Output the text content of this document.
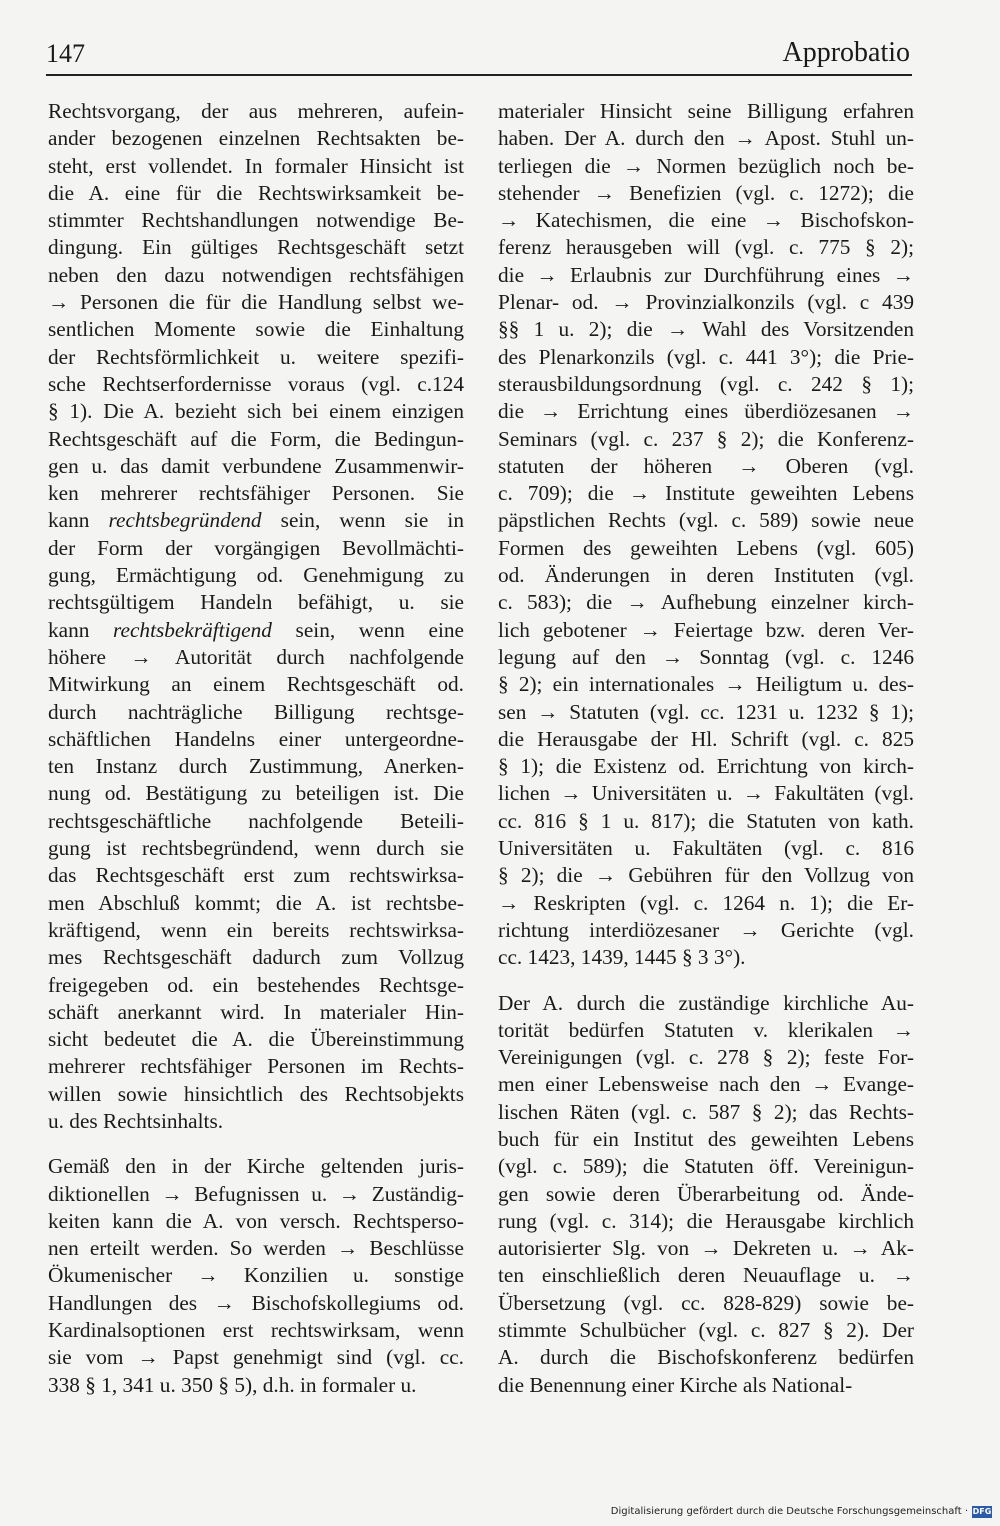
147	Approbatio

Rechtsvorgang, der aus mehreren, aufein-
ander bezogenen einzelnen Rechtsakten be-
steht, erst vollendet. In formaler Hinsicht ist
die A. eine für die Rechtswirksamkeit be-
stimmter Rechtshandlungen notwendige Be-
dingung. Ein gültiges Rechtsgeschäft setzt
neben den dazu notwendigen rechtsfähigen
→ Personen die für die Handlung selbst we-
sentlichen Momente sowie die Einhaltung
der Rechtsförmlichkeit u. weitere spezifi-
sche Rechtserfordernisse voraus (vgl. c.124
§ 1). Die A. bezieht sich bei einem einzigen
Rechtsgeschäft auf die Form, die Bedingun-
gen u. das damit verbundene Zusammenwir-
ken mehrerer rechtsfähiger Personen. Sie
kann rechtsbegründend sein, wenn sie in
der Form der vorgängigen Bevollmächti-
gung, Ermächtigung od. Genehmigung zu
rechtsgültigem Handeln befähigt, u. sie
kann rechtsbekräftigend sein, wenn eine
höhere → Autorität durch nachfolgende
Mitwirkung an einem Rechtsgeschäft od.
durch nachträgliche Billigung rechtsge-
schäftlichen Handelns einer untergeordne-
ten Instanz durch Zustimmung, Anerken-
nung od. Bestätigung zu beteiligen ist. Die
rechtsgeschäftliche nachfolgende Beteili-
gung ist rechtsbegründend, wenn durch sie
das Rechtsgeschäft erst zum rechtswirksa-
men Abschluß kommt; die A. ist rechtsbe-
kräftigend, wenn ein bereits rechtswirksa-
mes Rechtsgeschäft dadurch zum Vollzug
freigegeben od. ein bestehendes Rechtsge-
schäft anerkannt wird. In materialer Hin-
sicht bedeutet die A. die Übereinstimmung
mehrerer rechtsfähiger Personen im Rechts-
willen sowie hinsichtlich des Rechtsobjekts
u. des Rechtsinhalts.

Gemäß den in der Kirche geltenden juris-
diktionellen → Befugnissen u. → Zuständig-
keiten kann die A. von versch. Rechtsperso-
nen erteilt werden. So werden → Beschlüsse
Ökumenischer → Konzilien u. sonstige
Handlungen des → Bischofskollegiums od.
Kardinalsoptionen erst rechtswirksam, wenn
sie vom → Papst genehmigt sind (vgl. cc.
338 § 1, 341 u. 350 § 5), d.h. in formaler u.

materialer Hinsicht seine Billigung erfahren
haben. Der A. durch den → Apost. Stuhl un-
terliegen die → Normen bezüglich noch be-
stehender → Benefizien (vgl. c. 1272); die
→ Katechismen, die eine → Bischofskon-
ferenz herausgeben will (vgl. c. 775 § 2);
die → Erlaubnis zur Durchführung eines →
Plenar- od. → Provinzialkonzils (vgl. c 439
§§ 1 u. 2); die → Wahl des Vorsitzenden
des Plenarkonzils (vgl. c. 441 3°); die Prie-
sterausbildungsordnung (vgl. c. 242 § 1);
die → Errichtung eines überdiözesanen →
Seminars (vgl. c. 237 § 2); die Konferenz-
statuten der höheren → Oberen (vgl.
c. 709); die → Institute geweihten Lebens
päpstlichen Rechts (vgl. c. 589) sowie neue
Formen des geweihten Lebens (vgl. 605)
od. Änderungen in deren Instituten (vgl.
c. 583); die → Aufhebung einzelner kirch-
lich gebotener → Feiertage bzw. deren Ver-
legung auf den → Sonntag (vgl. c. 1246
§ 2); ein internationales → Heiligtum u. des-
sen → Statuten (vgl. cc. 1231 u. 1232 § 1);
die Herausgabe der Hl. Schrift (vgl. c. 825
§ 1); die Existenz od. Errichtung von kirch-
lichen → Universitäten u. → Fakultäten (vgl.
cc. 816 § 1 u. 817); die Statuten von kath.
Universitäten u. Fakultäten (vgl. c. 816
§ 2); die → Gebühren für den Vollzug von
→ Reskripten (vgl. c. 1264 n. 1); die Er-
richtung interdiözesaner → Gerichte (vgl.
cc. 1423, 1439, 1445 § 3 3°).

Der A. durch die zuständige kirchliche Au-
torität bedürfen Statuten v. klerikalen →
Vereinigungen (vgl. c. 278 § 2); feste For-
men einer Lebensweise nach den → Evange-
lischen Räten (vgl. c. 587 § 2); das Rechts-
buch für ein Institut des geweihten Lebens
(vgl. c. 589); die Statuten öff. Vereinigun-
gen sowie deren Überarbeitung od. Ände-
rung (vgl. c. 314); die Herausgabe kirchlich
autorisierter Slg. von → Dekreten u. → Ak-
ten einschließlich deren Neuauflage u. →
Übersetzung (vgl. cc. 828-829) sowie be-
stimmte Schulbücher (vgl. c. 827 § 2). Der
A. durch die Bischofskonferenz bedürfen
die Benennung einer Kirche als National-

Digitalisierung gefördert durch die Deutsche Forschungsgemeinschaft · DFG
